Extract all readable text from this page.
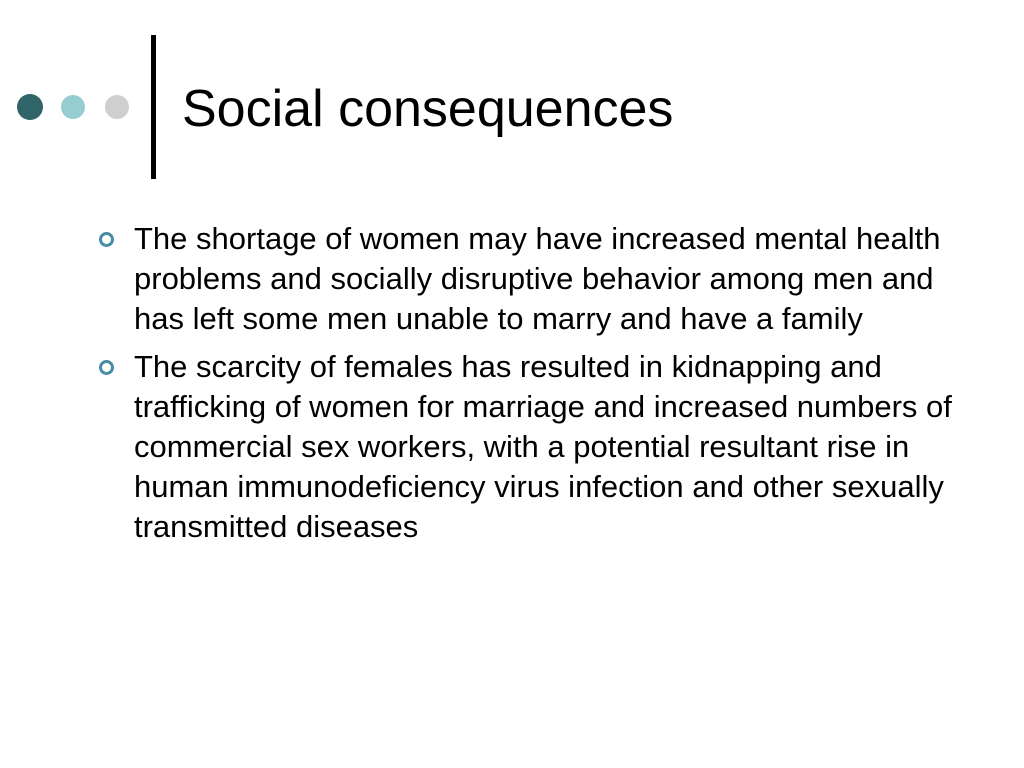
Social consequences
The shortage of women may have increased mental health problems and socially disruptive behavior among men and has left some men unable to marry and have a family
The scarcity of females has resulted in kidnapping and trafficking of women for marriage and increased numbers of commercial sex workers, with a potential resultant rise in human immunodeficiency virus infection and other sexually transmitted diseases
